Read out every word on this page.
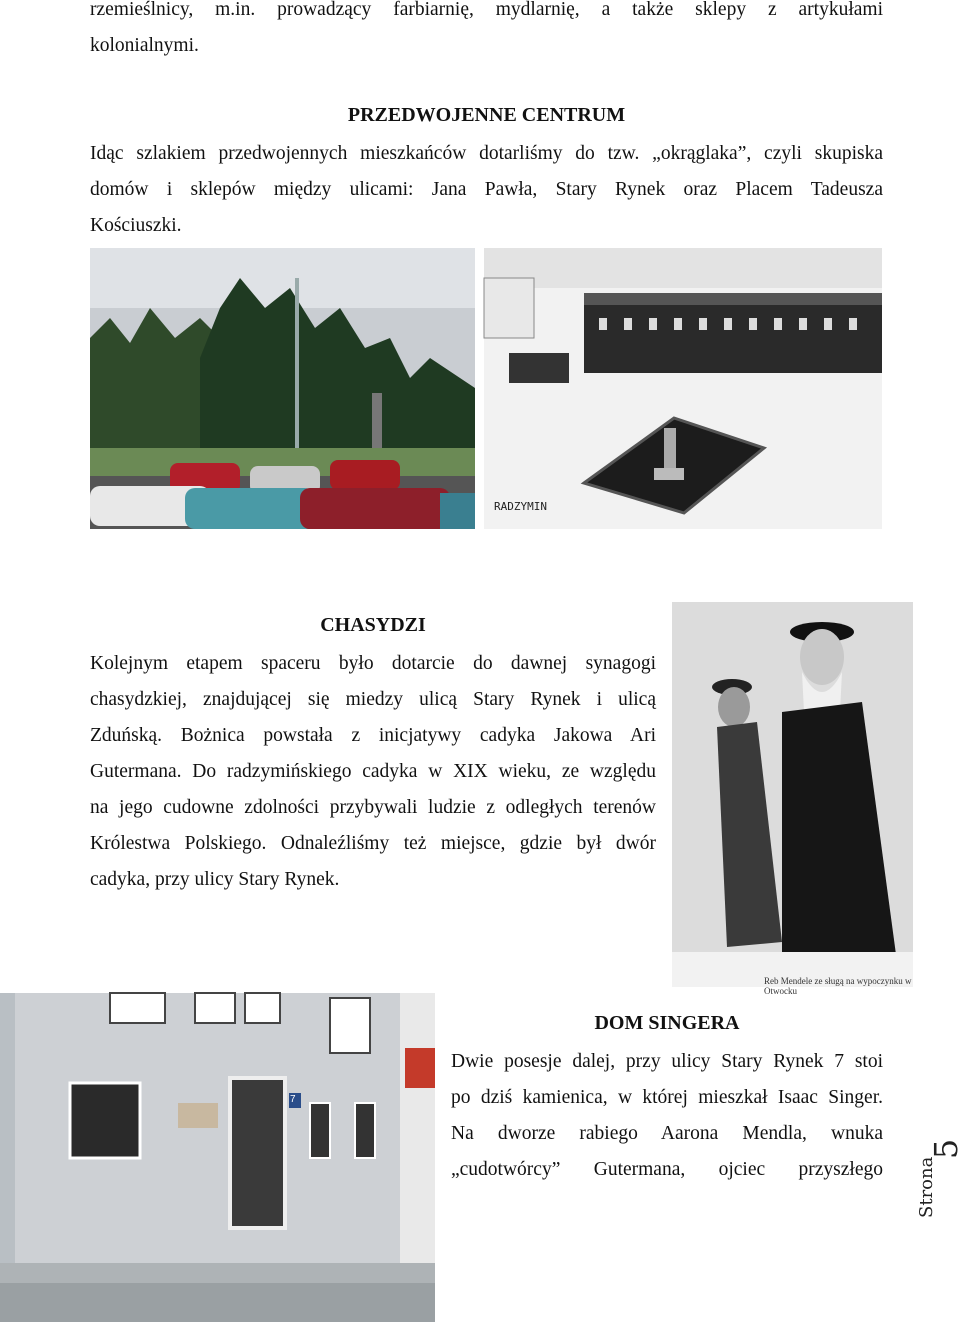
rzemieślnicy, m.in. prowadzący farbiarnię, mydlarnię, a także sklepy z artykułami

kolonialnymi.

PRZEDWOJENNE CENTRUM

Idąc szlakiem przedwojennych mieszkańców dotarliśmy do tzw. „okrąglaka”, czyli skupiska

domów i sklepów między ulicami: Jana Pawła, Stary Rynek oraz Placem Tadeusza

Kościuszki.

RADZYMIN
CHASYDZI

Kolejnym etapem spaceru było dotarcie do dawnej synagogi

chasydzkiej, znajdującej się miedzy ulicą Stary Rynek i ulicą

Zduńską. Bożnica powstała z inicjatywy cadyka Jakowa Ari

Gutermana. Do radzymińskiego cadyka w XIX wieku, ze względu

na jego cudowne zdolności przybywali ludzie z odległych terenów

Królestwa Polskiego. Odnaleźliśmy też miejsce, gdzie był dwór

cadyka, przy ulicy Stary Rynek.

Reb Mendele ze sługą na wypoczynku w Otwocku
7
DOM SINGERA

Dwie posesje dalej, przy ulicy Stary Rynek 7 stoi

po dziś kamienica, w której mieszkał Isaac Singer.

Na dworze rabiego Aarona Mendla, wnuka

„cudotwórcy” Gutermana, ojciec przyszłego

5
Strona
